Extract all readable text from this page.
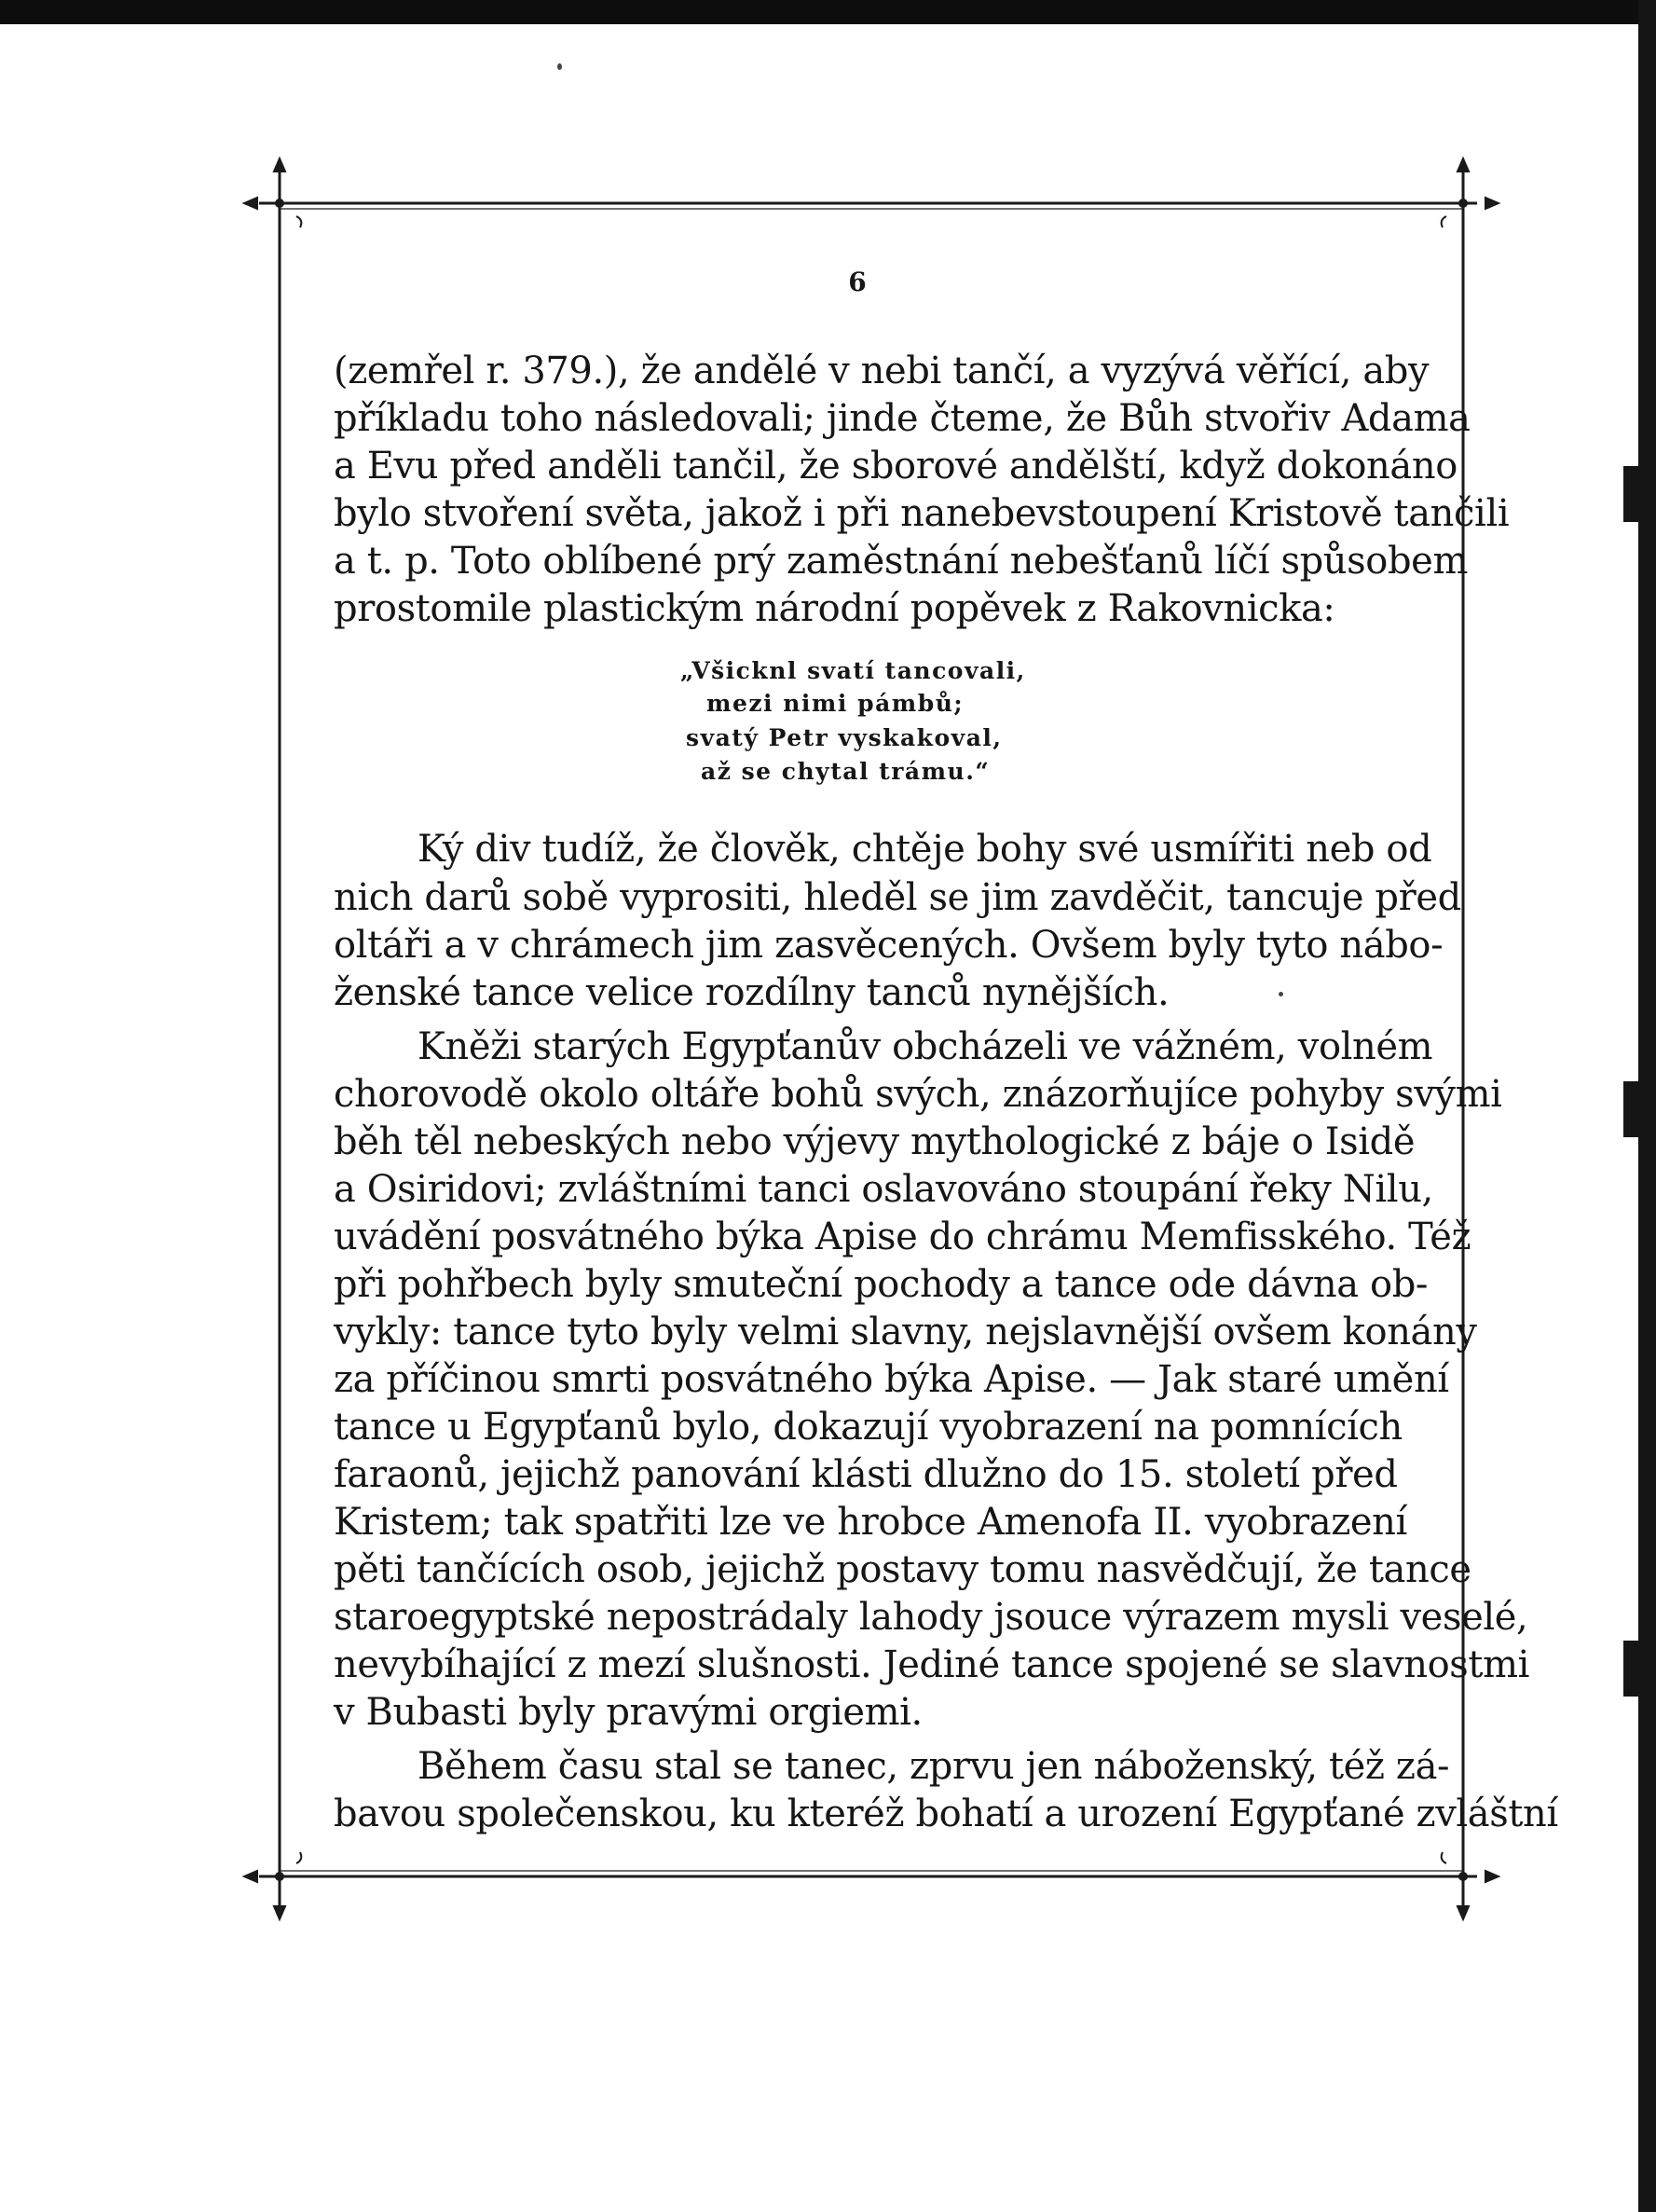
6
(zemřel r. 379.), že andělé v nebi tančí, a vyzývá věřící, aby
příkladu toho následovali; jinde čteme, že Bůh stvořiv Adama
a Evu před anděli tančil, že sborové andělští, když dokonáno
bylo stvoření světa, jakož i při nanebevstoupení Kristově tančili
a t. p. Toto oblíbené prý zaměstnání nebešťanů líčí spůsobem
prostomile plastickým národní popěvek z Rakovnicka:
„Všicknl svatí tancovali,
mezi nimi pámbů;
svatý Petr vyskakoval,
až se chytal trámu.“
Ký div tudíž, že člověk, chtěje bohy své usmířiti neb od
nich darů sobě vyprositi, hleděl se jim zavděčit, tancuje před
oltáři a v chrámech jim zasvěcených. Ovšem byly tyto nábo-
ženské tance velice rozdílny tanců nynějších.
Kněži starých Egypťanův obcházeli ve vážném, volném
chorovodě okolo oltáře bohů svých, znázorňujíce pohyby svými
běh těl nebeských nebo výjevy mythologické z báje o Isidě
a Osiridovi; zvláštními tanci oslavováno stoupání řeky Nilu,
uvádění posvátného býka Apise do chrámu Memfisského. Též
při pohřbech byly smuteční pochody a tance ode dávna ob-
vykly: tance tyto byly velmi slavny, nejslavnější ovšem konány
za příčinou smrti posvátného býka Apise. — Jak staré umění
tance u Egypťanů bylo, dokazují vyobrazení na pomnících
faraonů, jejichž panování klásti dlužno do 15. století před
Kristem; tak spatřiti lze ve hrobce Amenofa II. vyobrazení
pěti tančících osob, jejichž postavy tomu nasvědčují, že tance
staroegyptské nepostrádaly lahody jsouce výrazem mysli veselé,
nevybíhající z mezí slušnosti. Jediné tance spojené se slavnostmi
v Bubasti byly pravými orgiemi.
Během času stal se tanec, zprvu jen náboženský, též zá-
bavou společenskou, ku kteréž bohatí a urození Egypťané zvláštní
